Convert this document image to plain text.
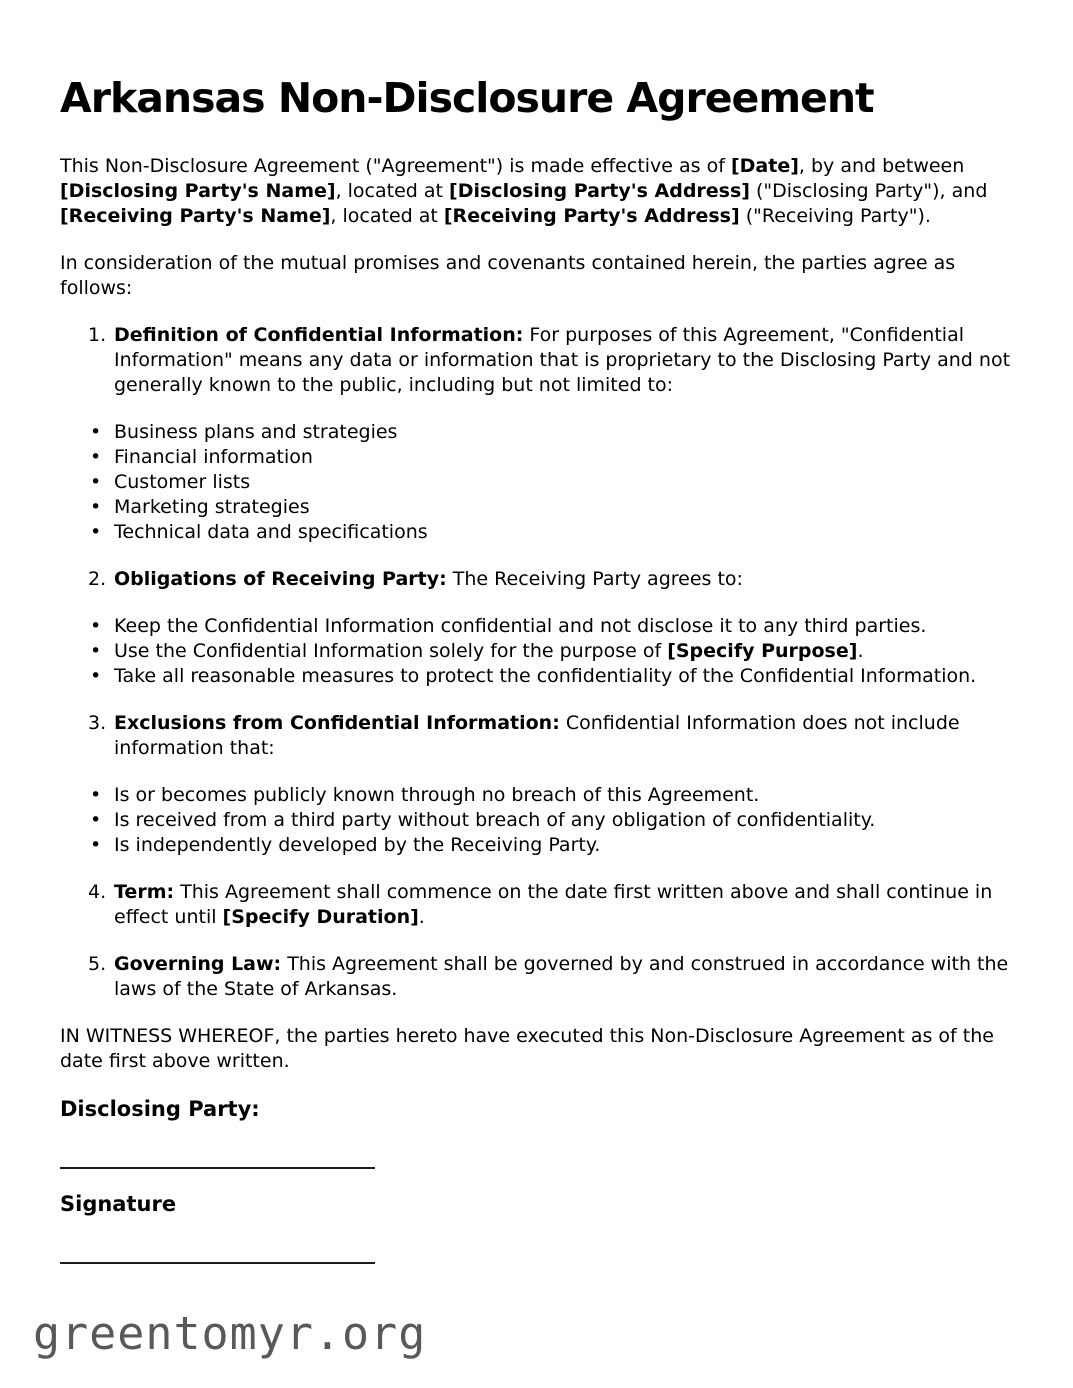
Arkansas Non-Disclosure Agreement

This Non-Disclosure Agreement ("Agreement") is made effective as of [Date], by and between [Disclosing Party's Name], located at [Disclosing Party's Address] ("Disclosing Party"), and [Receiving Party's Name], located at [Receiving Party's Address] ("Receiving Party").

In consideration of the mutual promises and covenants contained herein, the parties agree as follows:

1. Definition of Confidential Information: For purposes of this Agreement, "Confidential Information" means any data or information that is proprietary to the Disclosing Party and not generally known to the public, including but not limited to:
• Business plans and strategies
• Financial information
• Customer lists
• Marketing strategies
• Technical data and specifications
2. Obligations of Receiving Party: The Receiving Party agrees to:
• Keep the Confidential Information confidential and not disclose it to any third parties.
• Use the Confidential Information solely for the purpose of [Specify Purpose].
• Take all reasonable measures to protect the confidentiality of the Confidential Information.
3. Exclusions from Confidential Information: Confidential Information does not include information that:
• Is or becomes publicly known through no breach of this Agreement.
• Is received from a third party without breach of any obligation of confidentiality.
• Is independently developed by the Receiving Party.
4. Term: This Agreement shall commence on the date first written above and shall continue in effect until [Specify Duration].
5. Governing Law: This Agreement shall be governed by and construed in accordance with the laws of the State of Arkansas.

IN WITNESS WHEREOF, the parties hereto have executed this Non-Disclosure Agreement as of the date first above written.

Disclosing Party:

Signature

greentomyr.org
